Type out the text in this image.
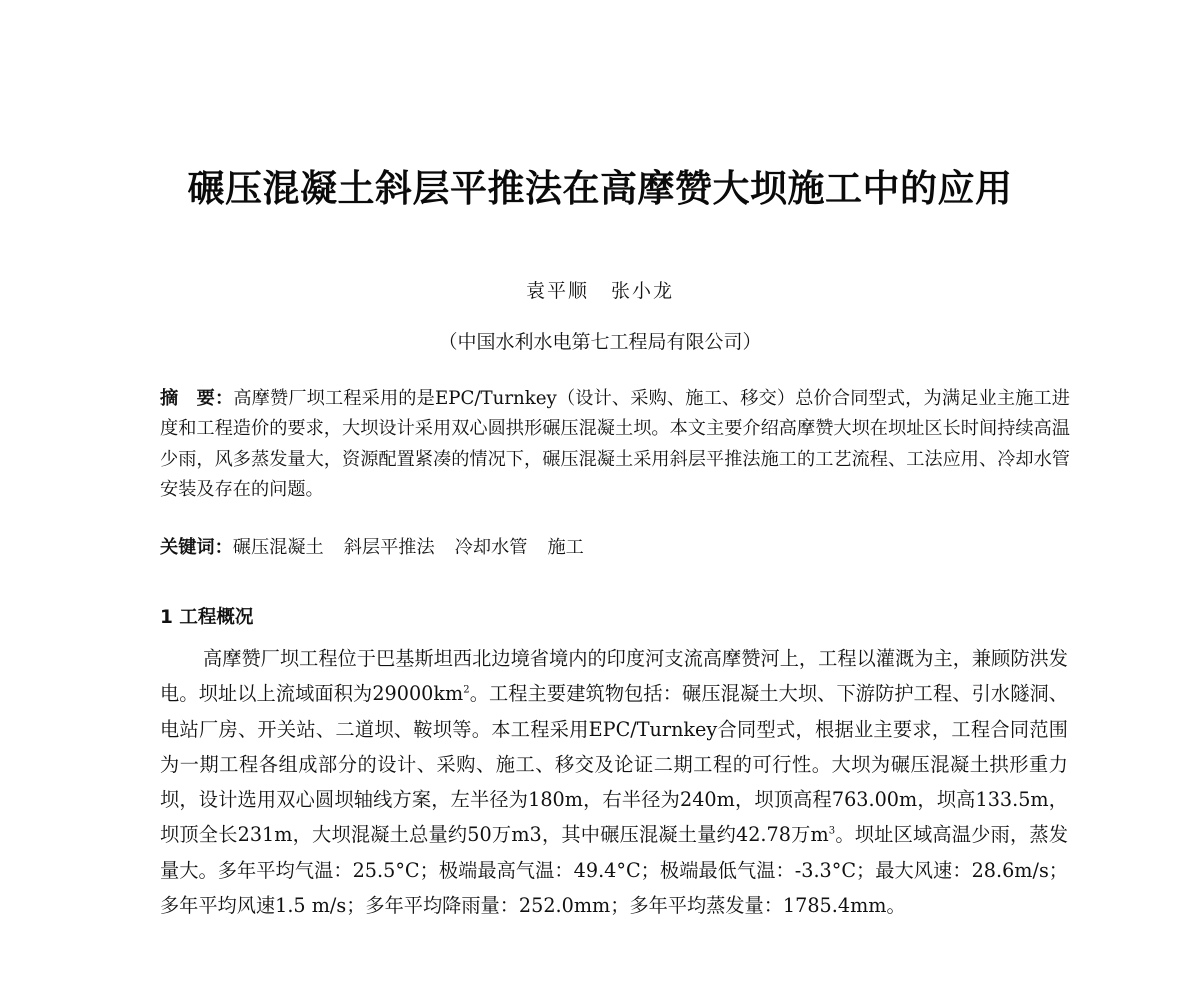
碾压混凝土斜层平推法在高摩赞大坝施工中的应用
袁平顺 张小龙
（中国水利水电第七工程局有限公司）
摘　要：高摩赞厂坝工程采用的是EPC/Turnkey（设计、采购、施工、移交）总价合同型式，为满足业主施工进度和工程造价的要求，大坝设计采用双心圆拱形碾压混凝土坝。本文主要介绍高摩赞大坝在坝址区长时间持续高温少雨，风多蒸发量大，资源配置紧凑的情况下，碾压混凝土采用斜层平推法施工的工艺流程、工法应用、冷却水管安装及存在的问题。
关键词：碾压混凝土 斜层平推法 冷却水管 施工
1 工程概况
高摩赞厂坝工程位于巴基斯坦西北边境省境内的印度河支流高摩赞河上，工程以灌溉为主，兼顾防洪发电。坝址以上流域面积为$29000km^2$。工程主要建筑物包括：碾压混凝土大坝、下游防护工程、引水隧洞、电站厂房、开关站、二道坝、鞍坝等。本工程采用EPC/Turnkey合同型式，根据业主要求，工程合同范围为一期工程各组成部分的设计、采购、施工、移交及论证二期工程的可行性。大坝为碾压混凝土拱形重力坝，设计选用双心圆坝轴线方案，左半径为180m，右半径为240m，坝顶高程763.00m，坝高133.5m，坝顶全长231m，大坝混凝土总量约50万m3，其中碾压混凝土量约42.78万$m^3$。坝址区域高温少雨，蒸发量大。多年平均气温：25.5°C；极端最高气温：49.4°C；极端最低气温：-3.3°C；最大风速：28.6m/s；多年平均风速1.5 m/s；多年平均降雨量：252.0mm；多年平均蒸发量：1785.4mm。
